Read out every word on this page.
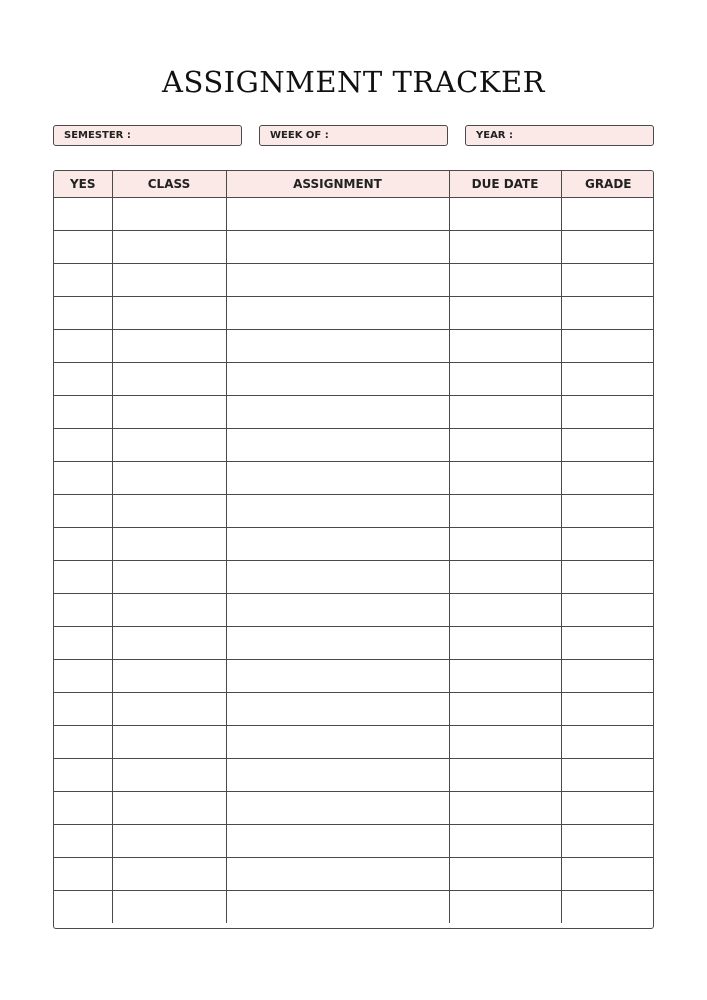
ASSIGNMENT TRACKER
SEMESTER :	WEEK OF :	YEAR :
YES	CLASS	ASSIGNMENT	DUE DATE	GRADE
